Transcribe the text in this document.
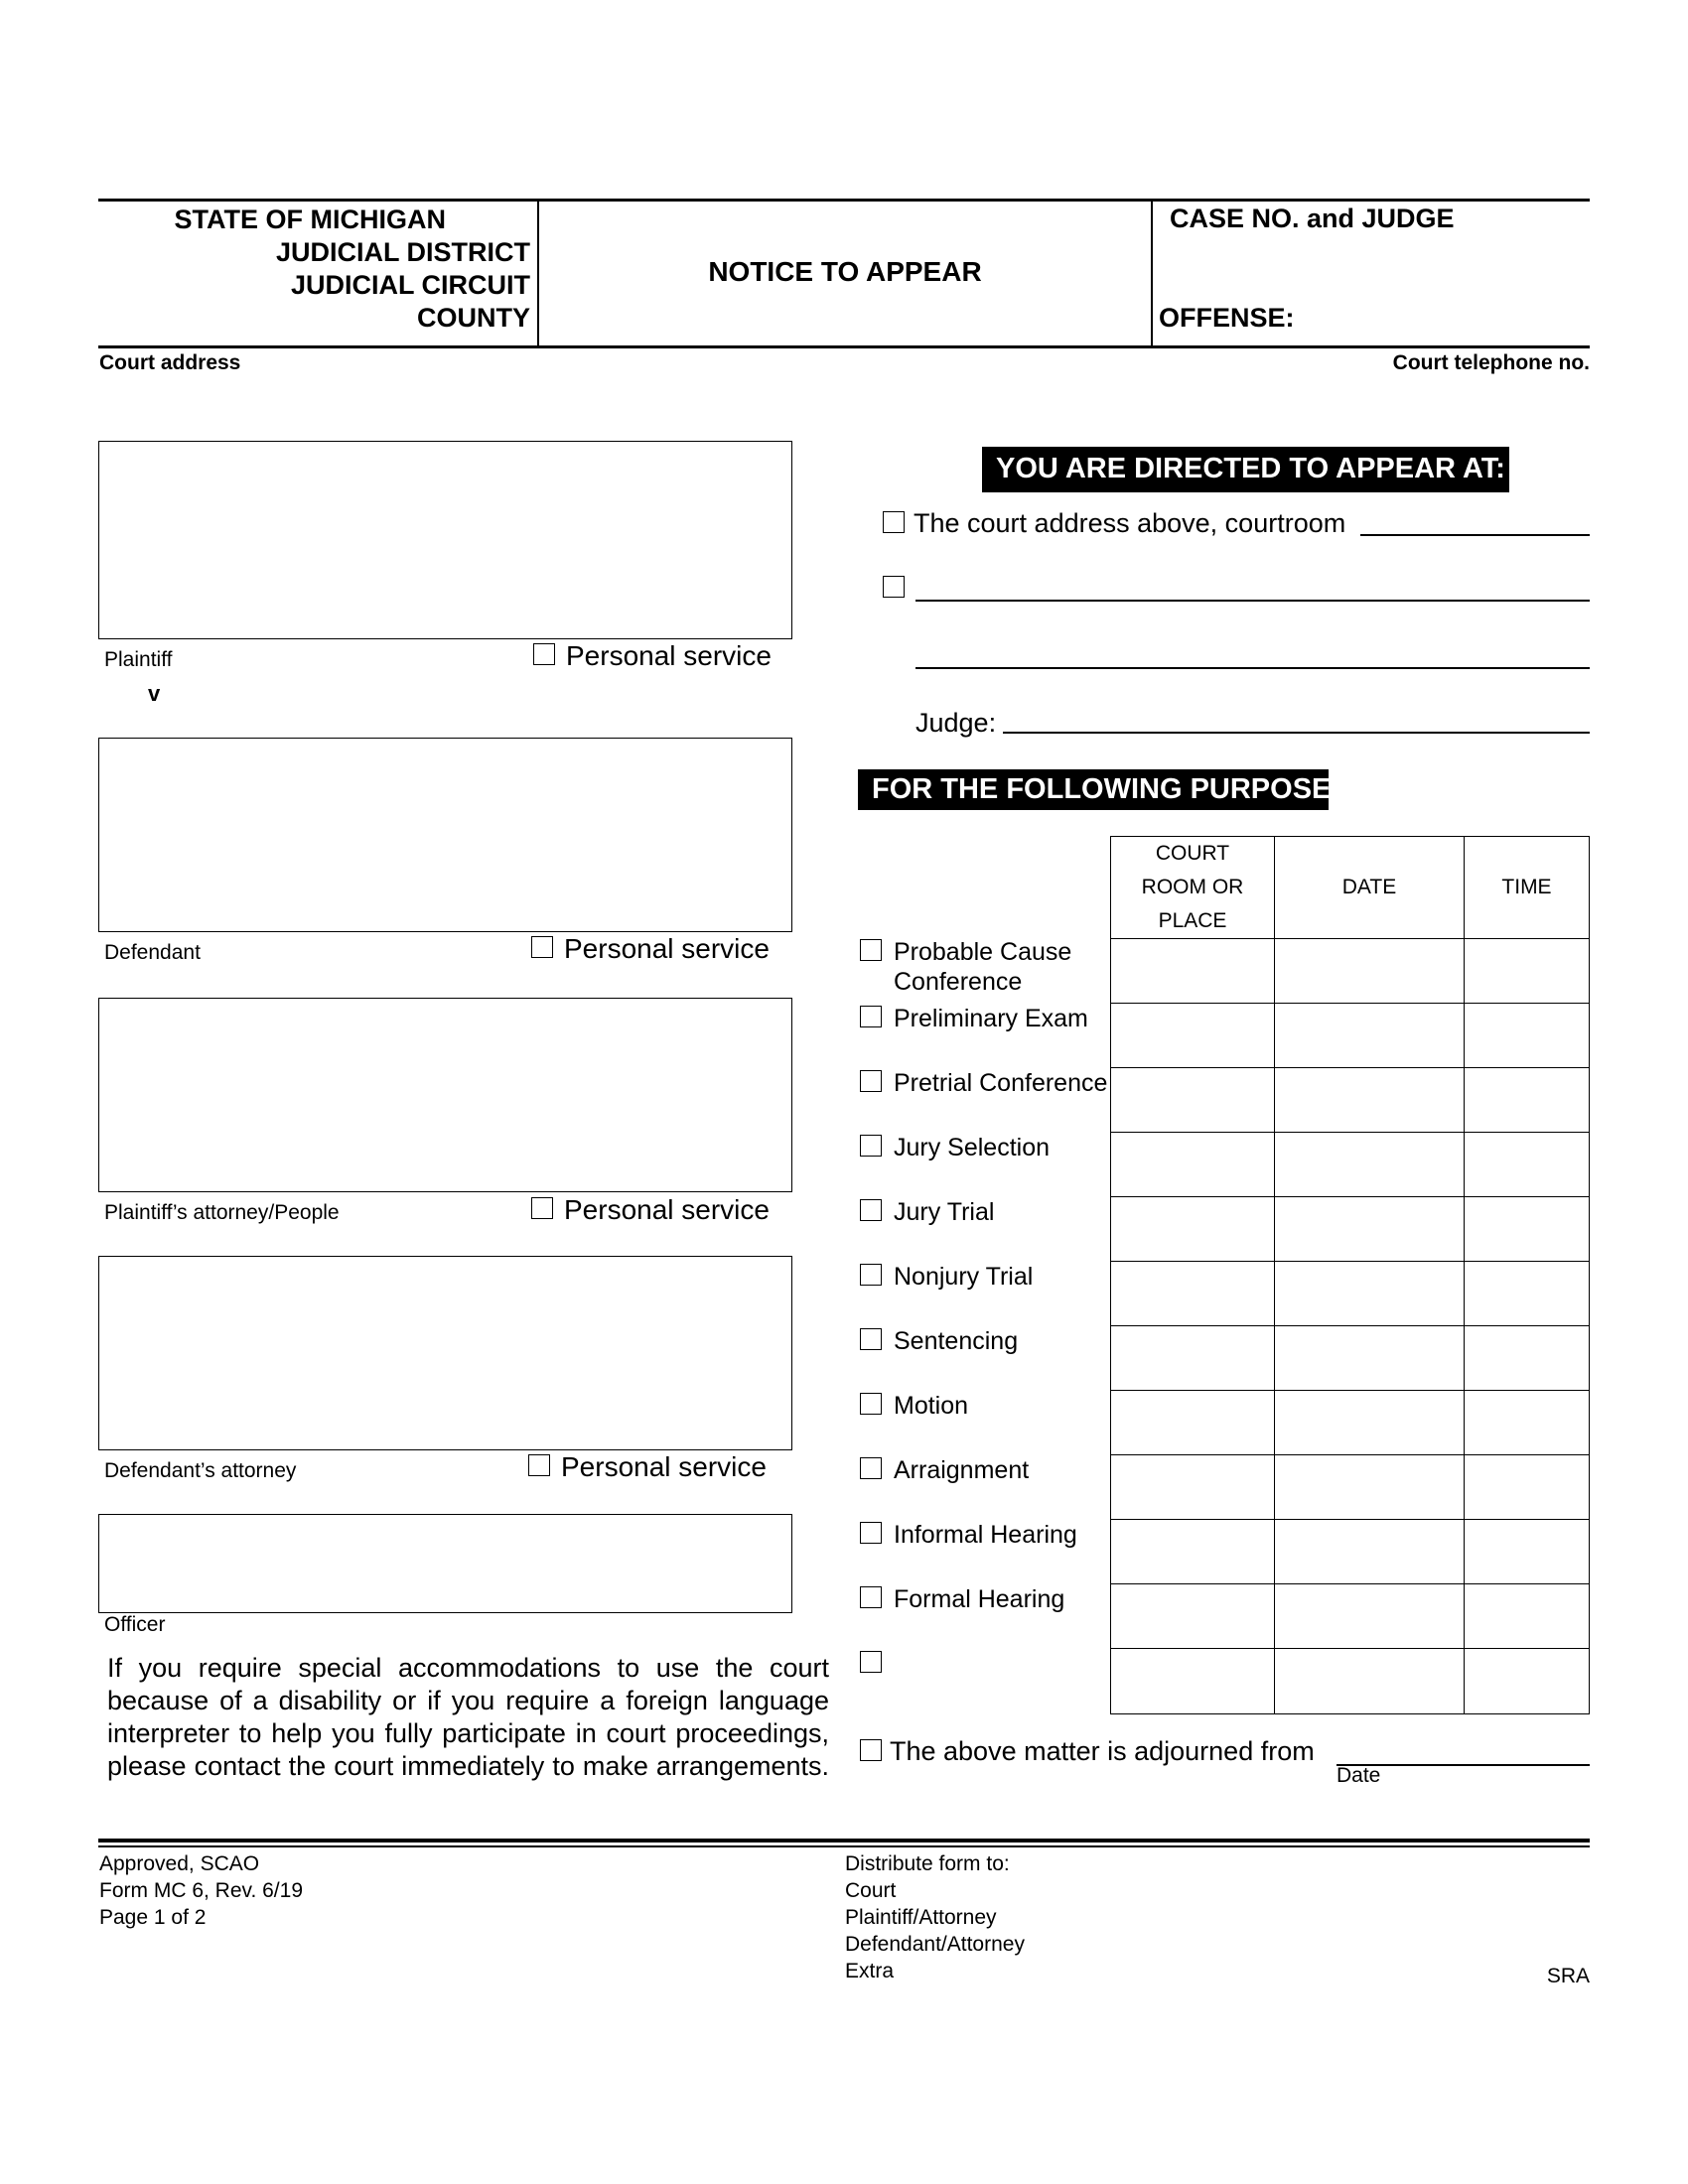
STATE OF MICHIGAN
JUDICIAL DISTRICT
JUDICIAL CIRCUIT
COUNTY
NOTICE TO APPEAR
CASE NO. and JUDGE
OFFENSE:
Court address	Court telephone no.
Plaintiff	Personal service
v
Defendant	Personal service
Plaintiff’s attorney/People	Personal service
Defendant’s attorney	Personal service
Officer
If you require special accommodations to use the court
because of a disability or if you require a foreign language
interpreter to help you fully participate in court proceedings,
please contact the court immediately to make arrangements.
YOU ARE DIRECTED TO APPEAR AT:
The court address above, courtroom
Judge:
FOR THE FOLLOWING PURPOSE:
COURT
ROOM OR
PLACE	DATE	TIME

Probable Cause
Conference
Preliminary Exam
Pretrial Conference
Jury Selection
Jury Trial
Nonjury Trial
Sentencing
Motion
Arraignment
Informal Hearing
Formal Hearing
The above matter is adjourned from
Date
Approved, SCAO
Form MC 6, Rev. 6/19
Page 1 of 2
Distribute form to:
Court
Plaintiff/Attorney
Defendant/Attorney
Extra	SRA
